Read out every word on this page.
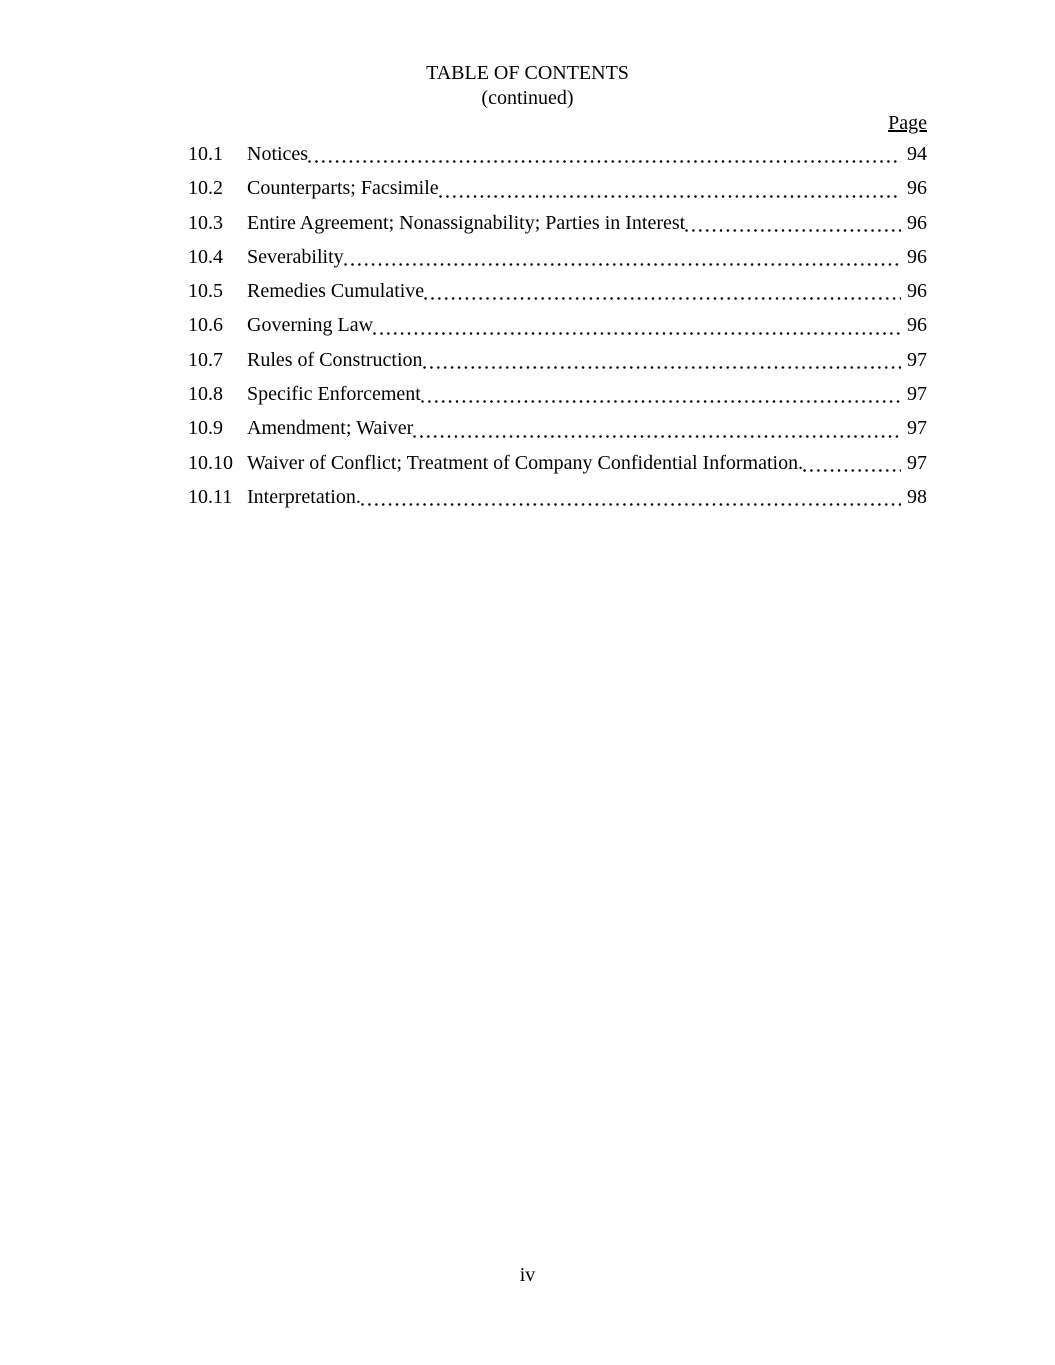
TABLE OF CONTENTS
(continued)
Page
10.1	Notices	94
10.2	Counterparts; Facsimile	96
10.3	Entire Agreement; Nonassignability; Parties in Interest	96
10.4	Severability	96
10.5	Remedies Cumulative	96
10.6	Governing Law	96
10.7	Rules of Construction	97
10.8	Specific Enforcement	97
10.9	Amendment; Waiver	97
10.10 Waiver of Conflict; Treatment of Company Confidential Information.	97
10.11 Interpretation.	98
iv
